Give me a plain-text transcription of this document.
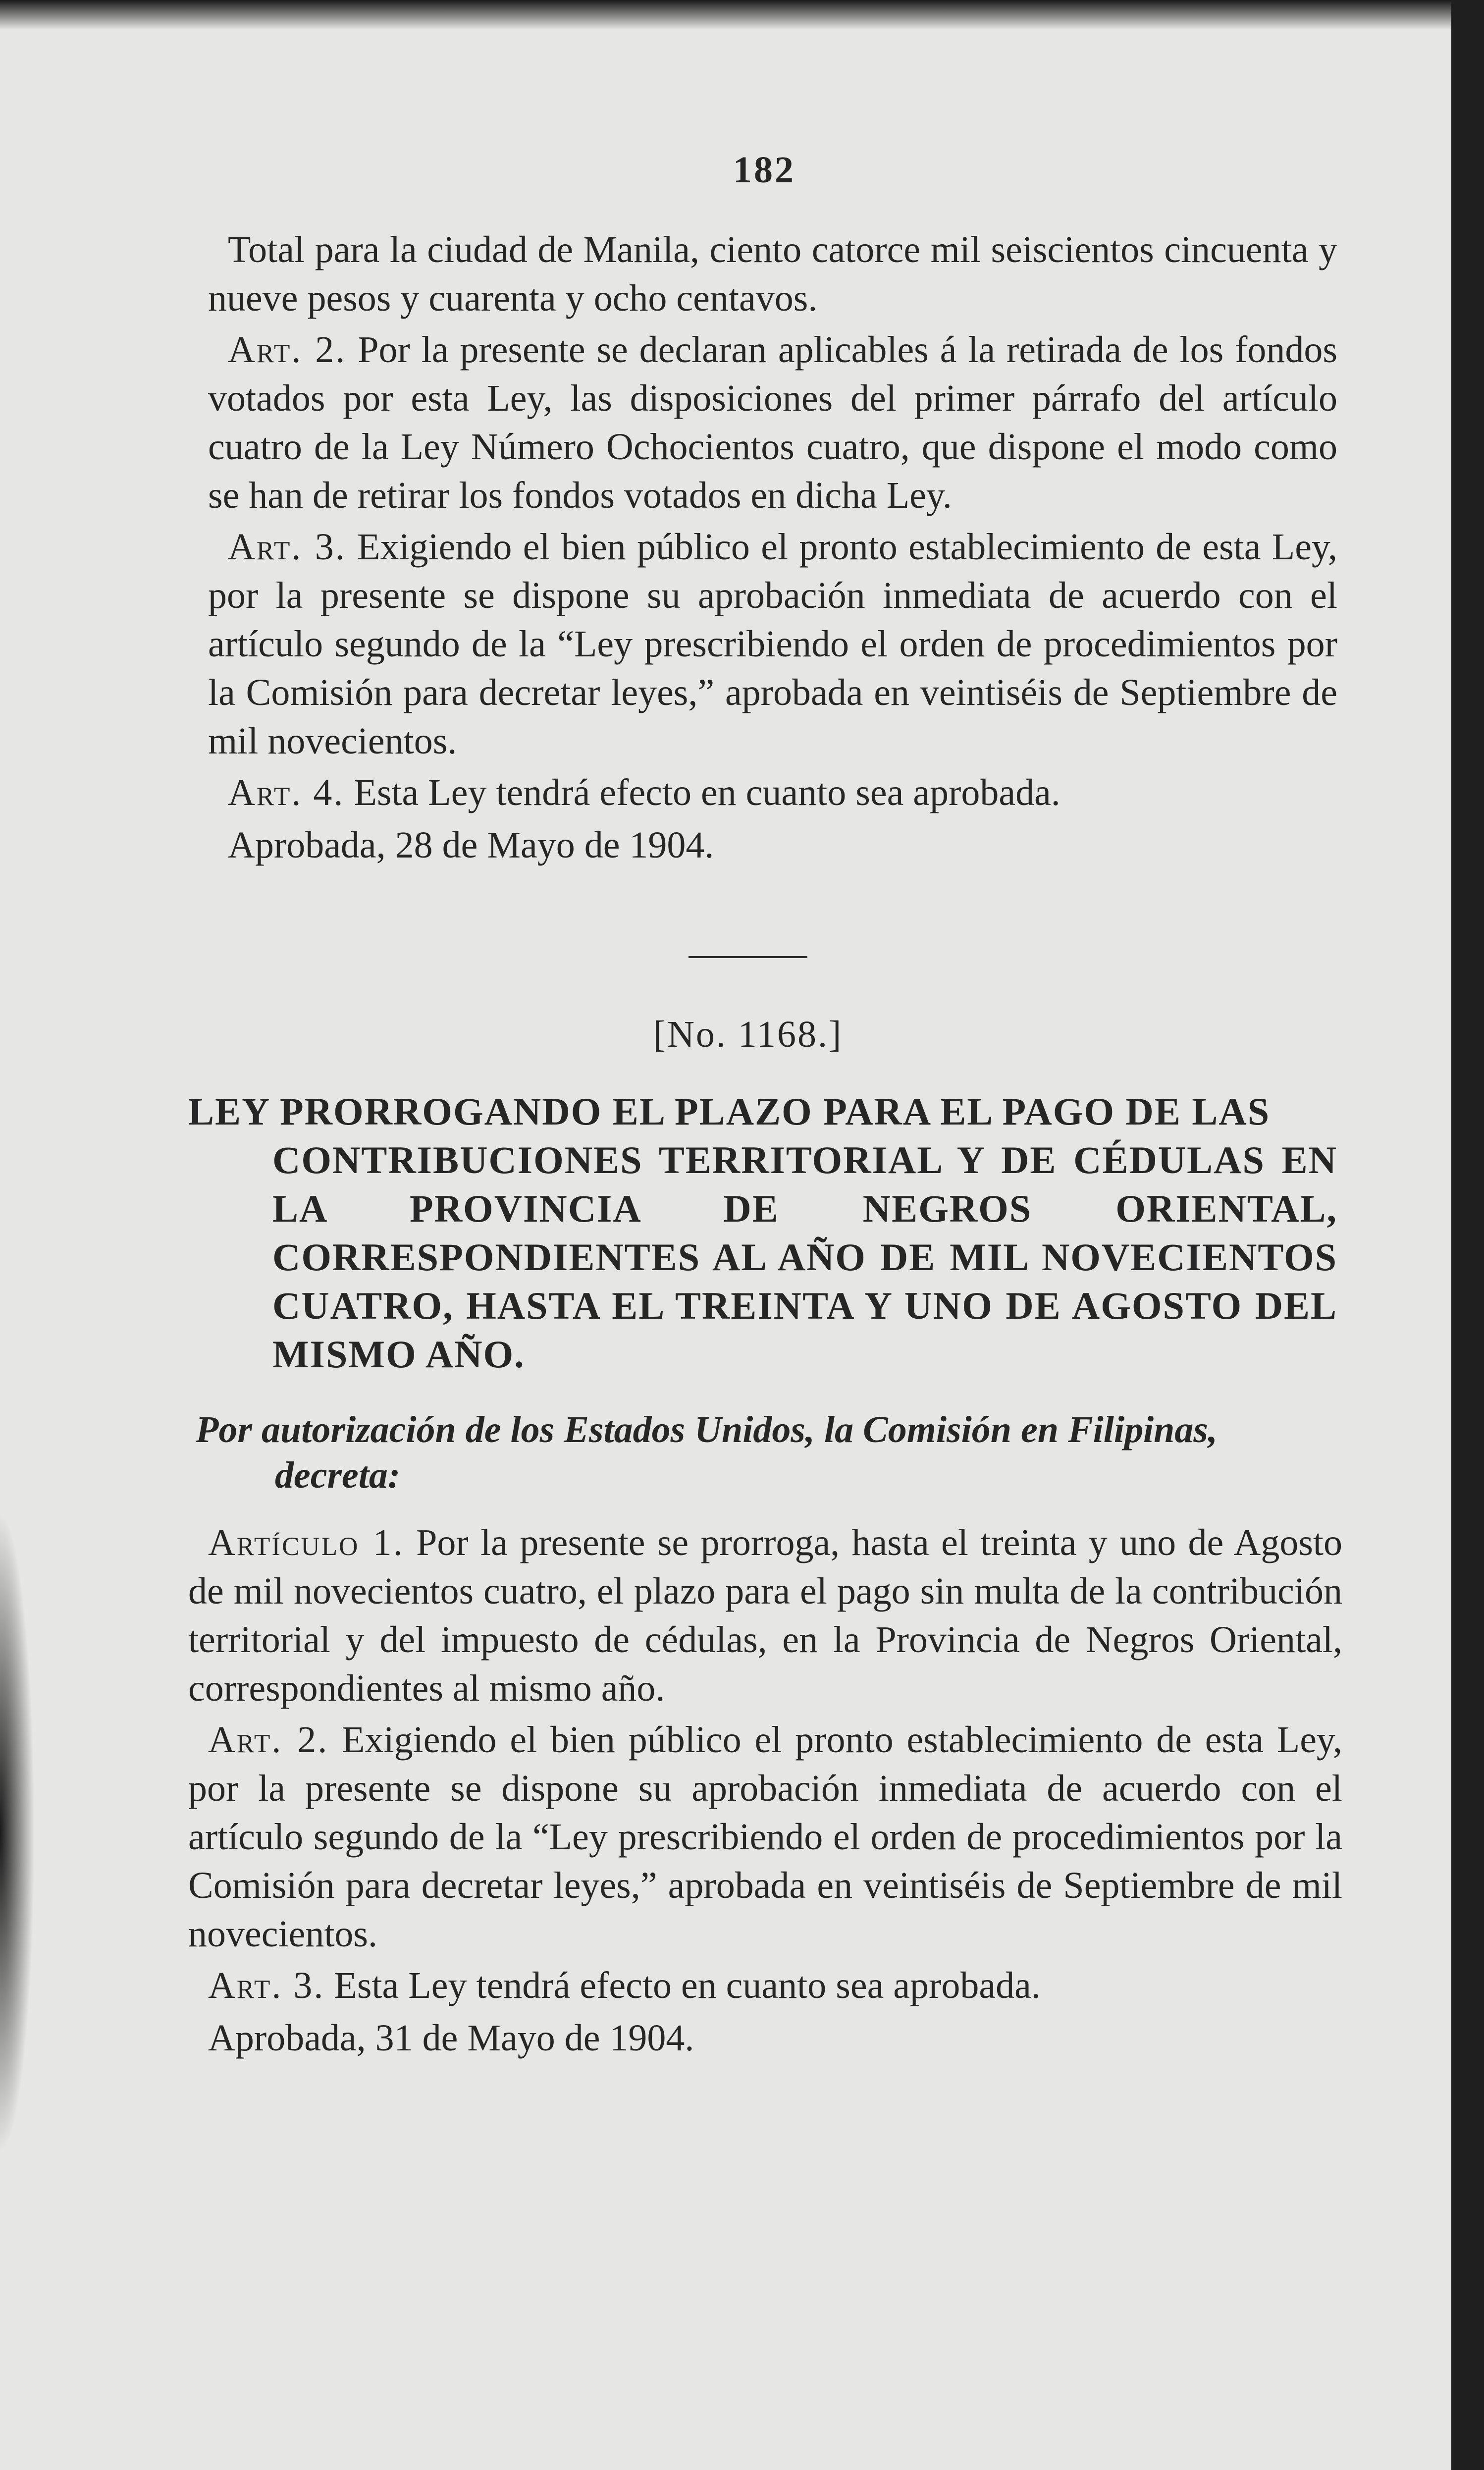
182

Total para la ciudad de Manila, ciento catorce mil seiscientos cincuenta y nueve pesos y cuarenta y ocho centavos.

Art. 2. Por la presente se declaran aplicables á la retirada de los fondos votados por esta Ley, las disposiciones del primer párrafo del artículo cuatro de la Ley Número Ochocientos cuatro, que dispone el modo como se han de retirar los fondos votados en dicha Ley.

Art. 3. Exigiendo el bien público el pronto establecimiento de esta Ley, por la presente se dispone su aprobación inmediata de acuerdo con el artículo segundo de la “Ley prescribiendo el orden de procedimientos por la Comisión para decretar leyes,” aprobada en veintiséis de Septiembre de mil novecientos.

Art. 4. Esta Ley tendrá efecto en cuanto sea aprobada.

Aprobada, 28 de Mayo de 1904.

[No. 1168.]
LEY PRORROGANDO EL PLAZO PARA EL PAGO DE LAS
CONTRIBUCIONES TERRITORIAL Y DE CÉDULAS EN LA PROVINCIA DE NEGROS ORIENTAL, CORRESPONDIENTES AL AÑO DE MIL NOVECIENTOS CUATRO, HASTA EL TREINTA Y UNO DE AGOSTO DEL MISMO AÑO.
Por autorización de los Estados Unidos, la Comisión en Filipinas,
decreta:

Artículo 1. Por la presente se prorroga, hasta el treinta y uno de Agosto de mil novecientos cuatro, el plazo para el pago sin multa de la contribución territorial y del impuesto de cédulas, en la Provincia de Negros Oriental, correspondientes al mismo año.

Art. 2. Exigiendo el bien público el pronto establecimiento de esta Ley, por la presente se dispone su aprobación inmediata de acuerdo con el artículo segundo de la “Ley prescribiendo el orden de procedimientos por la Comisión para decretar leyes,” aprobada en veintiséis de Septiembre de mil novecientos.

Art. 3. Esta Ley tendrá efecto en cuanto sea aprobada.

Aprobada, 31 de Mayo de 1904.
